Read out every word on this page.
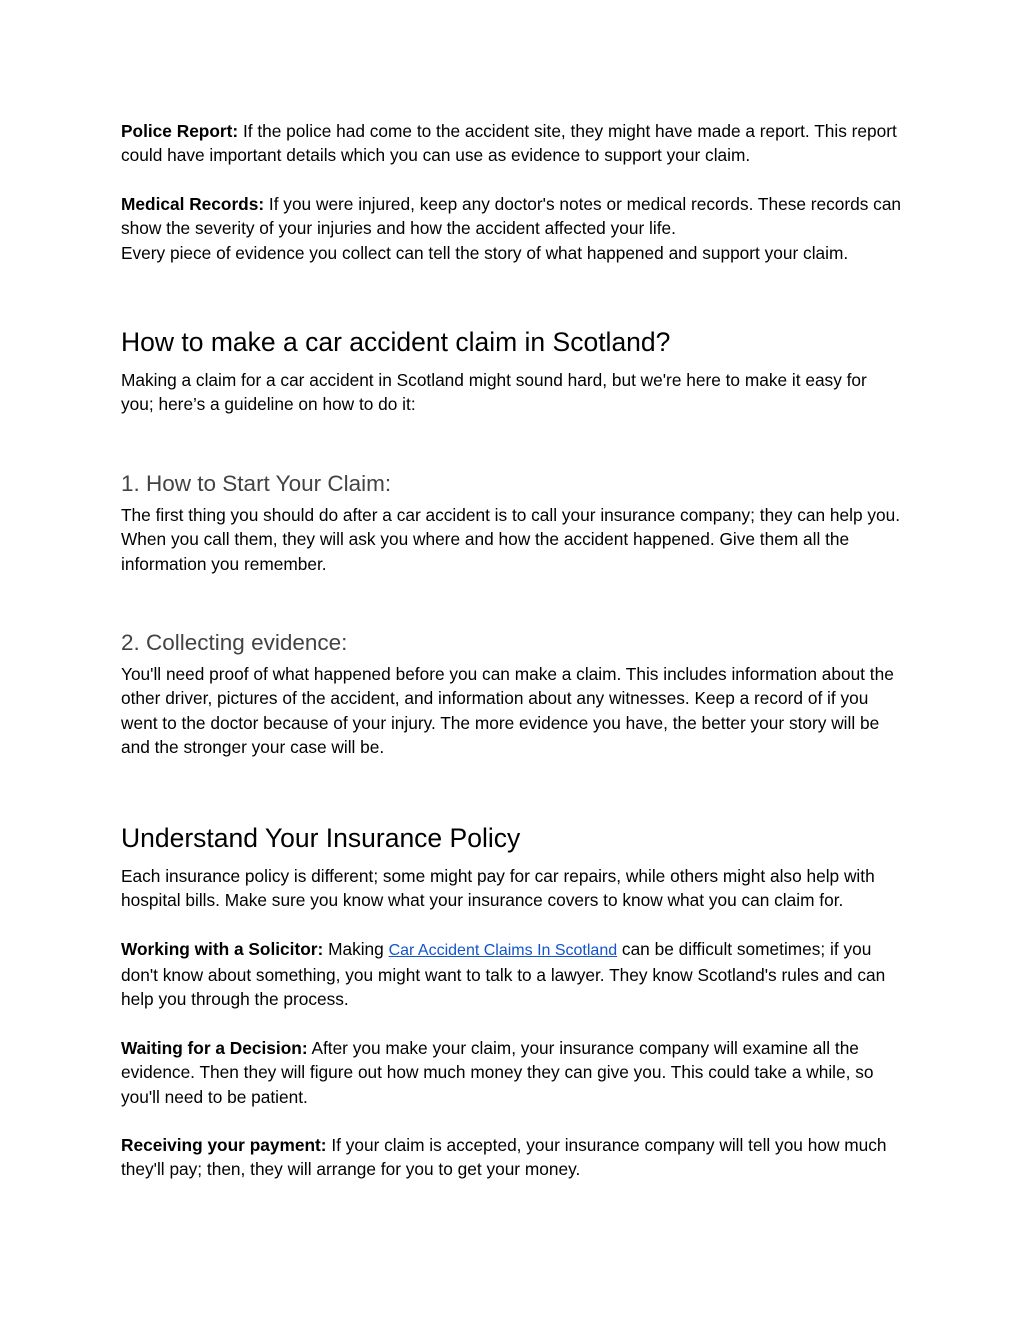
Police Report: If the police had come to the accident site, they might have made a report. This report could have important details which you can use as evidence to support your claim.

Medical Records: If you were injured, keep any doctor's notes or medical records. These records can show the severity of your injuries and how the accident affected your life.

Every piece of evidence you collect can tell the story of what happened and support your claim.

How to make a car accident claim in Scotland?

Making a claim for a car accident in Scotland might sound hard, but we're here to make it easy for you; here’s a guideline on how to do it:

1. How to Start Your Claim:

The first thing you should do after a car accident is to call your insurance company; they can help you. When you call them, they will ask you where and how the accident happened. Give them all the information you remember.

2. Collecting evidence:

You'll need proof of what happened before you can make a claim. This includes information about the other driver, pictures of the accident, and information about any witnesses. Keep a record of if you went to the doctor because of your injury. The more evidence you have, the better your story will be and the stronger your case will be.

Understand Your Insurance Policy

Each insurance policy is different; some might pay for car repairs, while others might also help with hospital bills. Make sure you know what your insurance covers to know what you can claim for.

Working with a Solicitor: Making Car Accident Claims In Scotland can be difficult sometimes; if you don't know about something, you might want to talk to a lawyer. They know Scotland's rules and can help you through the process.

Waiting for a Decision: After you make your claim, your insurance company will examine all the evidence. Then they will figure out how much money they can give you. This could take a while, so you'll need to be patient.

Receiving your payment: If your claim is accepted, your insurance company will tell you how much they'll pay; then, they will arrange for you to get your money.
